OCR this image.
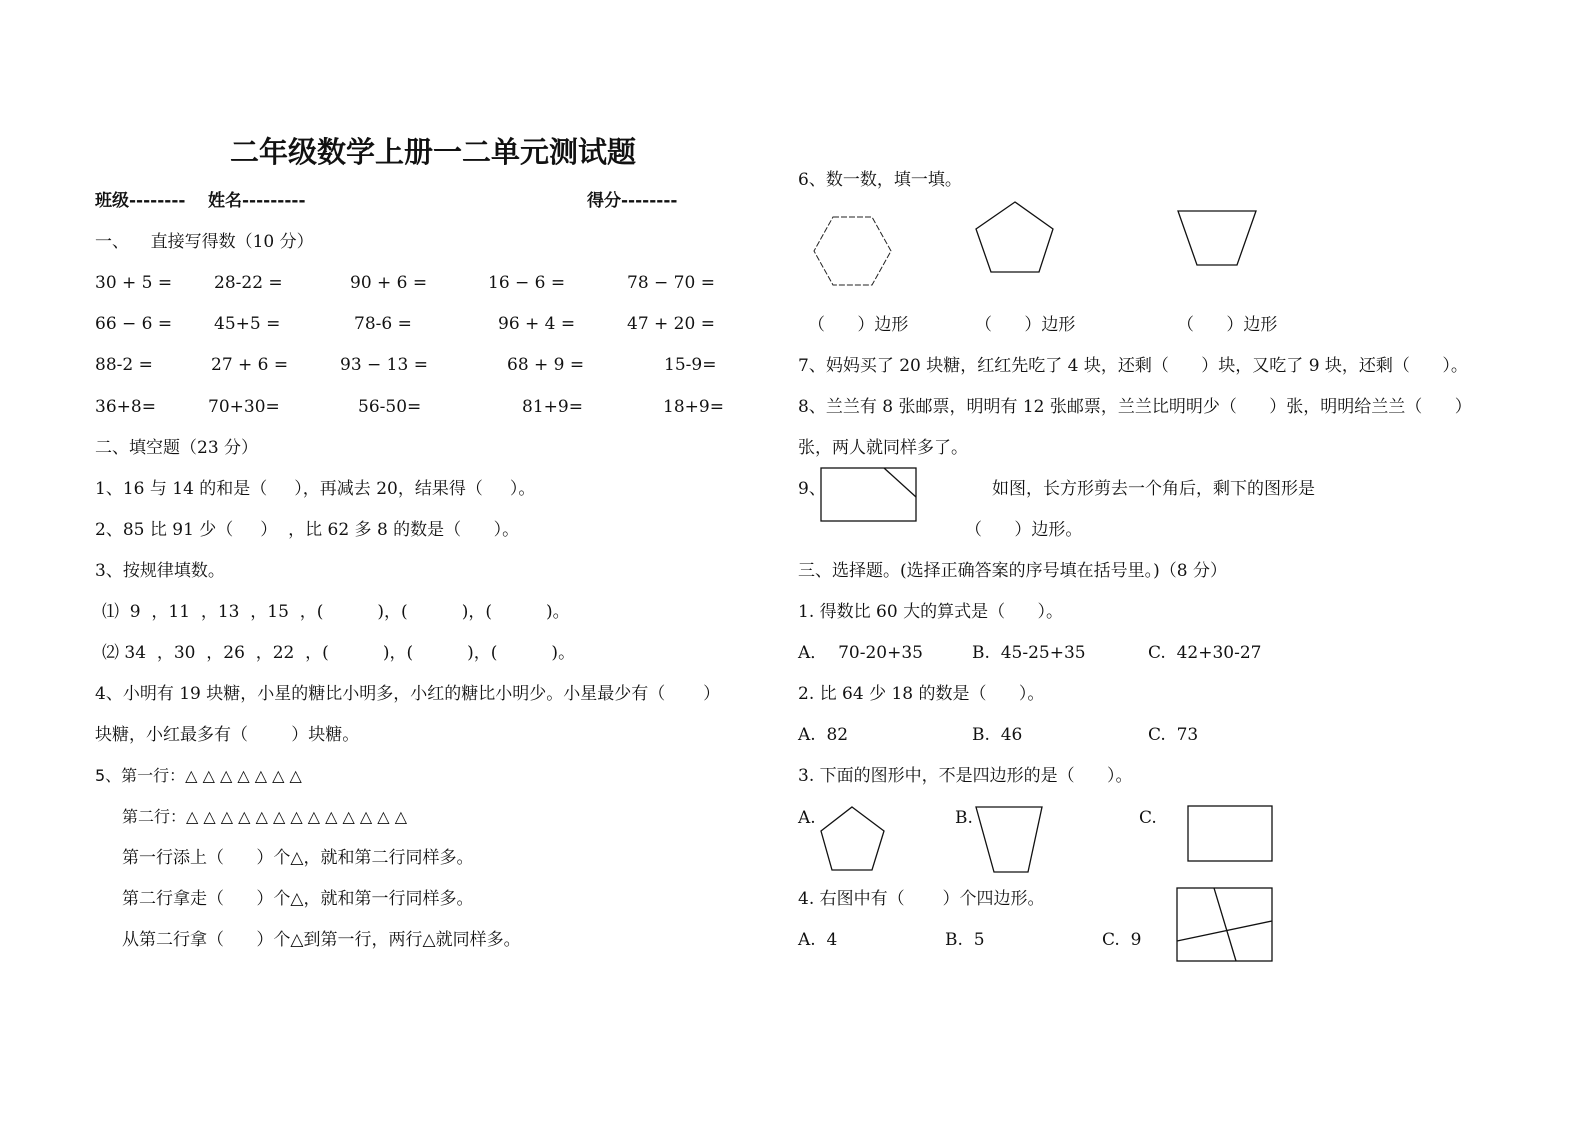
二年级数学上册一二单元测试题
班级-------- 姓名---------	得分--------
一、    直接写得数（10 分）
30 + 5 = 28-22 =	90 + 6 =	16 − 6 =	78 − 70 =
66 − 6 = 45+5 =	78-6 =	96 + 4 =	47 + 20 =
88-2 =	27 + 6 =	93 − 13 =	68 + 9 =	15-9=
36+8=	70+30=	56-50=	81+9=	18+9=
二、填空题（23 分）
1、16 与 14 的和是（     ），再减去 20，结果得（     ）。
2、85 比 91 少（     ）  ，比 62 多 8 的数是（      ）。
3、按规律填数。
⑴  9  ，11  ，13  ，15  ，(          )，(          )，(          )。
⑵ 34  ，30  ，26  ，22  ，(          )，(          )，(          )。
4、小明有 19 块糖，小星的糖比小明多，小红的糖比小明少。小星最少有（       ）
块糖，小红最多有（        ）块糖。
5、第一行：△ △ △ △ △ △ △
第二行：△ △ △ △ △ △ △ △ △ △ △ △ △
第一行添上（      ）个△，就和第二行同样多。
第二行拿走（      ）个△，就和第一行同样多。
从第二行拿（      ）个△到第一行，两行△就同样多。
6、数一数，填一填。
（      ）边形	（      ）边形	（      ）边形
7、妈妈买了 20 块糖，红红先吃了 4 块，还剩（      ）块，又吃了 9 块，还剩（      ）。
8、兰兰有 8 张邮票，明明有 12 张邮票，兰兰比明明少（      ）张，明明给兰兰（      ）
张，两人就同样多了。
9、	如图，长方形剪去一个角后，剩下的图形是
（      ）边形。
三、选择题。(选择正确答案的序号填在括号里。)（8 分）
1. 得数比 60 大的算式是（      ）。
A．  70-20+35	B.  45-25+35	C.  42+30-27
2. 比 64 少 18 的数是（      ）。
A.  82	B.  46	C.  73
3. 下面的图形中，不是四边形的是（      ）。
A.	B.	C.
4. 右图中有（       ）个四边形。
A.  4	B.  5	C.  9
